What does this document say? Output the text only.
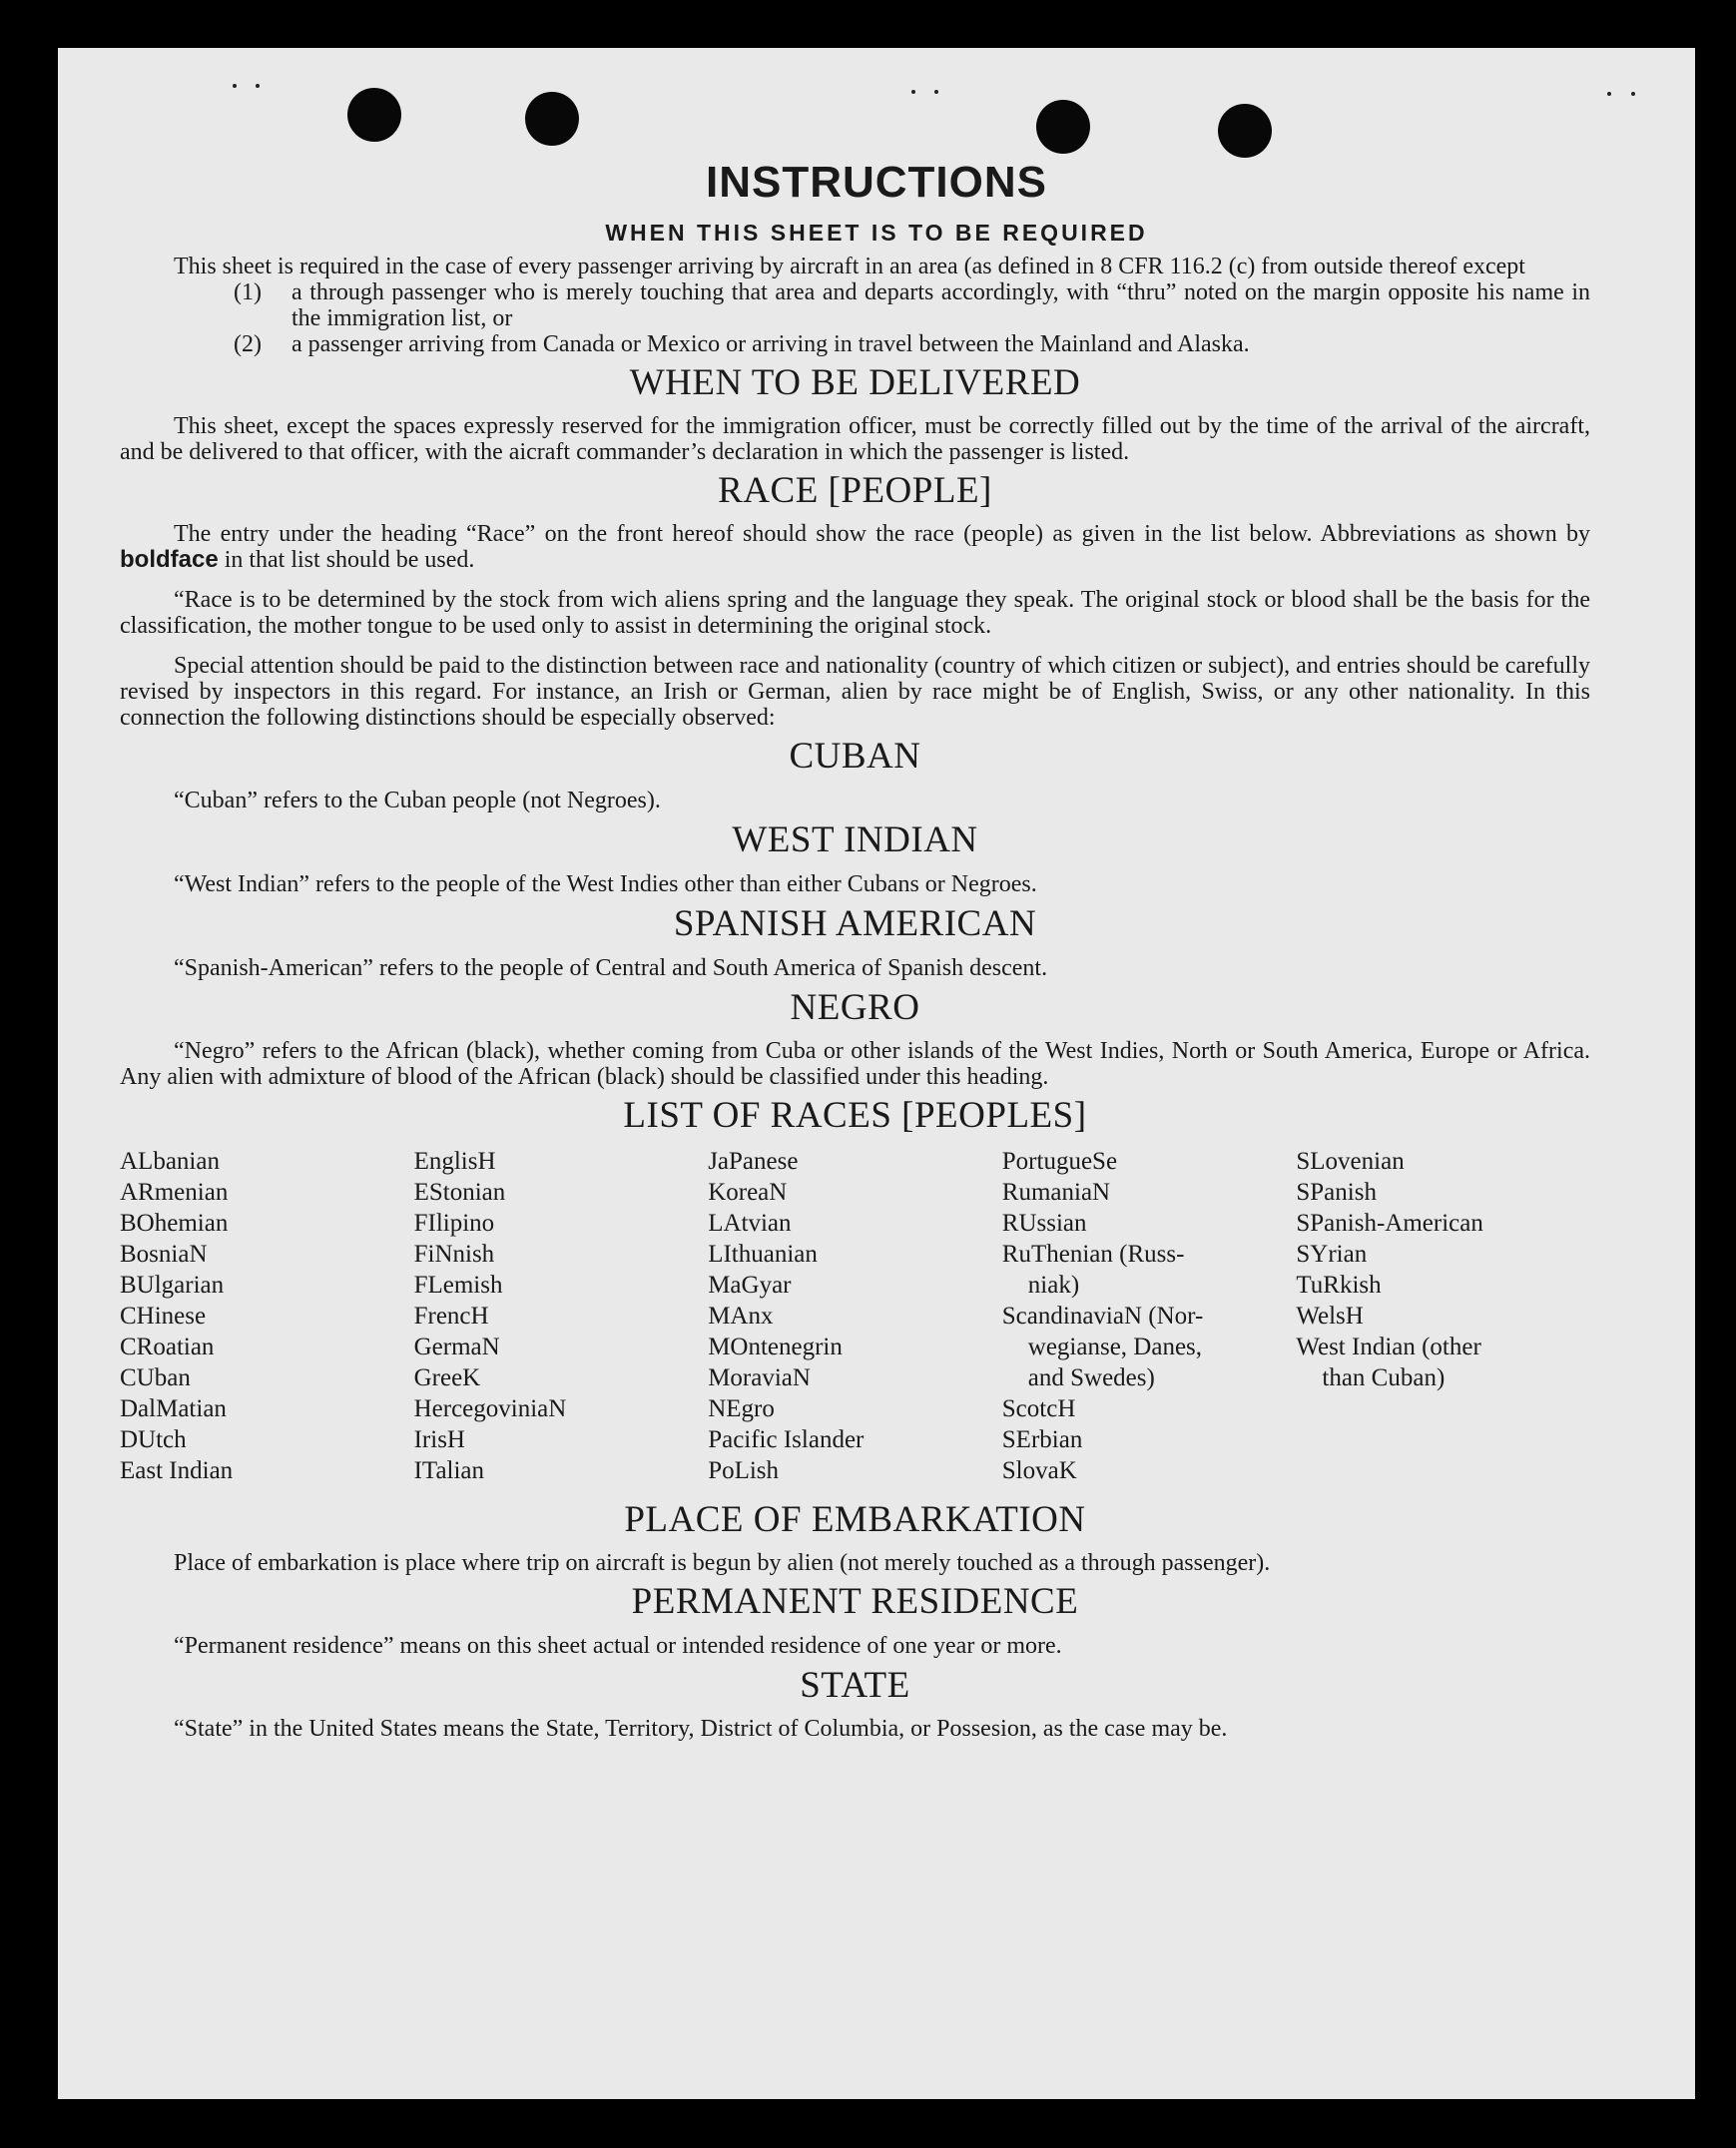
INSTRUCTIONS
WHEN THIS SHEET IS TO BE REQUIRED

This sheet is required in the case of every passenger arriving by aircraft in an area (as defined in 8 CFR 116.2 (c) from outside thereof except

(1)	a through passenger who is merely touching that area and departs accordingly, with “thru” noted on the margin opposite his name in the immigration list, or
(2)	a passenger arriving from Canada or Mexico or arriving in travel between the Mainland and Alaska.
WHEN TO BE DELIVERED

This sheet, except the spaces expressly reserved for the immigration officer, must be correctly filled out by the time of the arrival of the aircraft, and be delivered to that officer, with the aicraft commander’s declaration in which the passenger is listed.

RACE [PEOPLE]

The entry under the heading “Race” on the front hereof should show the race (people) as given in the list below. Abbreviations as shown by boldface in that list should be used.

“Race is to be determined by the stock from wich aliens spring and the language they speak. The original stock or blood shall be the basis for the classification, the mother tongue to be used only to assist in determining the original stock.

Special attention should be paid to the distinction between race and nationality (country of which citizen or subject), and entries should be carefully revised by inspectors in this regard. For instance, an Irish or German, alien by race might be of English, Swiss, or any other nationality. In this connection the following distinctions should be especially observed:

CUBAN
“Cuban” refers to the Cuban people (not Negroes).
WEST INDIAN
“West Indian” refers to the people of the West Indies other than either Cubans or Negroes.
SPANISH AMERICAN
“Spanish-American” refers to the people of Central and South America of Spanish descent.
NEGRO

“Negro” refers to the African (black), whether coming from Cuba or other islands of the West Indies, North or South America, Europe or Africa. Any alien with admixture of blood of the African (black) should be classified under this heading.

LIST OF RACES [PEOPLES]
ALbanian
ARmenian
BOhemian
BosniaN
BUlgarian
CHinese
CRoatian
CUban
DalMatian
DUtch
East Indian
EnglisH
EStonian
FIlipino
FiNnish
FLemish
FrencH
GermaN
GreeK
HercegoviniaN
IrisH
ITalian
JaPanese
KoreaN
LAtvian
LIthuanian
MaGyar
MAnx
MOntenegrin
MoraviaN
NEgro
Pacific Islander
PoLish
PortugueSe
RumaniaN
RUssian
RuThenian (Russ-
niak)
ScandinaviaN (Nor-
wegianse, Danes,
and Swedes)
ScotcH
SErbian
SlovaK
SLovenian
SPanish
SPanish-American
SYrian
TuRkish
WelsH
West Indian (other
than Cuban)
PLACE OF EMBARKATION

Place of embarkation is place where trip on aircraft is begun by alien (not merely touched as a through passenger).

PERMANENT RESIDENCE
“Permanent residence” means on this sheet actual or intended residence of one year or more.
STATE

“State” in the United States means the State, Territory, District of Columbia, or Possesion, as the case may be.
